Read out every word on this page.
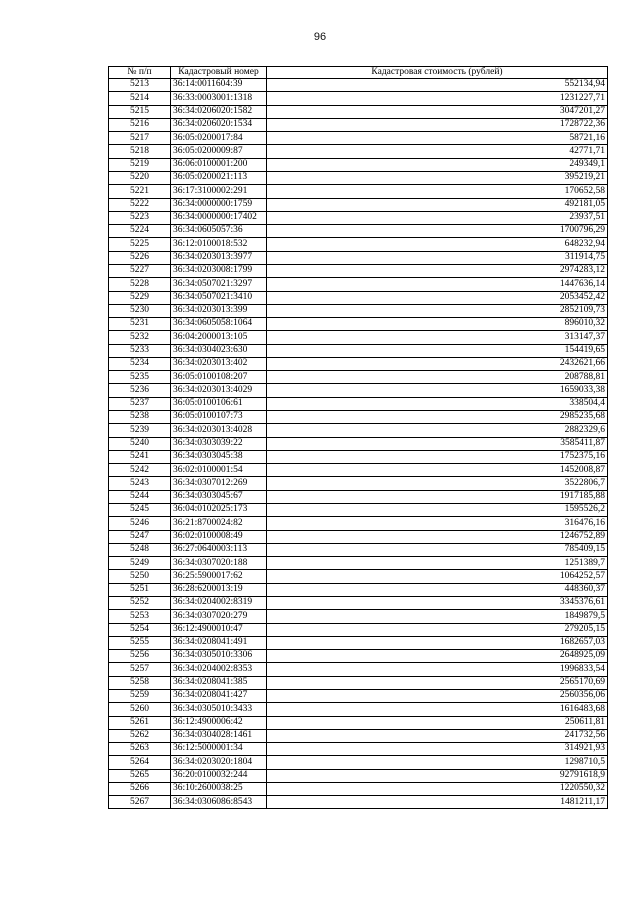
96
№ п/п	Кадастровый номер	Кадастровая стоимость (рублей)
5213	36:14:0011604:39	552134,94
5214	36:33:0003001:1318	1231227,71
5215	36:34:0206020:1582	3047201,27
5216	36:34:0206020:1534	1728722,36
5217	36:05:0200017:84	58721,16
5218	36:05:0200009:87	42771,71
5219	36:06:0100001:200	249349,1
5220	36:05:0200021:113	395219,21
5221	36:17:3100002:291	170652,58
5222	36:34:0000000:1759	492181,05
5223	36:34:0000000:17402	23937,51
5224	36:34:0605057:36	1700796,29
5225	36:12:0100018:532	648232,94
5226	36:34:0203013:3977	311914,75
5227	36:34:0203008:1799	2974283,12
5228	36:34:0507021:3297	1447636,14
5229	36:34:0507021:3410	2053452,42
5230	36:34:0203013:399	2852109,73
5231	36:34:0605058:1064	896010,32
5232	36:04:2000013:105	313147,37
5233	36:34:0304023:630	154419,65
5234	36:34:0203013:402	2432621,66
5235	36:05:0100108:207	208788,81
5236	36:34:0203013:4029	1659033,38
5237	36:05:0100106:61	338504,4
5238	36:05:0100107:73	2985235,68
5239	36:34:0203013:4028	2882329,6
5240	36:34:0303039:22	3585411,87
5241	36:34:0303045:38	1752375,16
5242	36:02:0100001:54	1452008,87
5243	36:34:0307012:269	3522806,7
5244	36:34:0303045:67	1917185,88
5245	36:04:0102025:173	1595526,2
5246	36:21:8700024:82	316476,16
5247	36:02:0100008:49	1246752,89
5248	36:27:0640003:113	785409,15
5249	36:34:0307020:188	1251389,7
5250	36:25:5900017:62	1064252,57
5251	36:28:6200013:19	448360,37
5252	36:34:0204002:8319	3345376,61
5253	36:34:0307020:279	1849879,5
5254	36:12:4900010:47	279205,15
5255	36:34:0208041:491	1682657,03
5256	36:34:0305010:3306	2648925,09
5257	36:34:0204002:8353	1996833,54
5258	36:34:0208041:385	2565170,69
5259	36:34:0208041:427	2560356,06
5260	36:34:0305010:3433	1616483,68
5261	36:12:4900006:42	250611,81
5262	36:34:0304028:1461	241732,56
5263	36:12:5000001:34	314921,93
5264	36:34:0203020:1804	1298710,5
5265	36:20:0100032:244	92791618,9
5266	36:10:2600038:25	1220550,32
5267	36:34:0306086:8543	1481211,17
